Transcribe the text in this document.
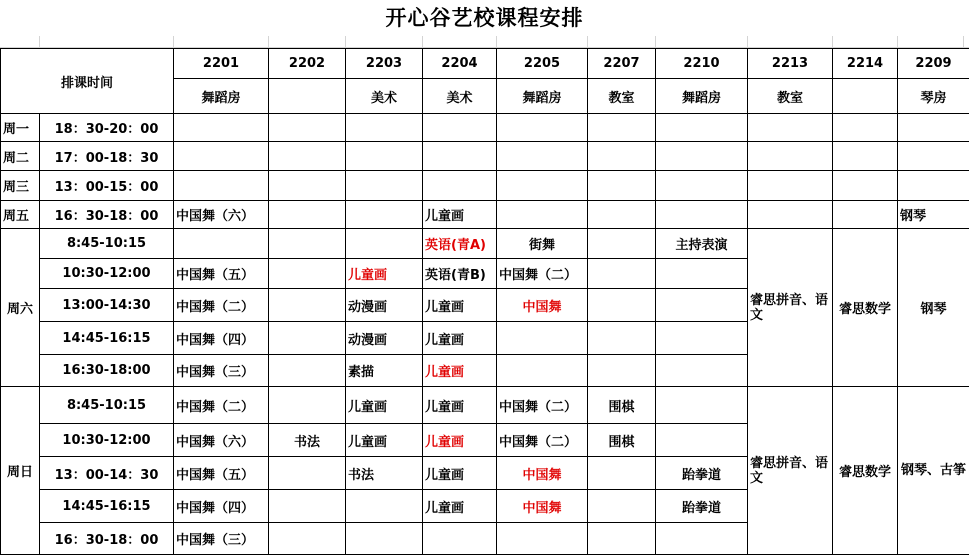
开心谷艺校课程安排
排课时间		2201	2202	2203	2204	2205	2207	2210	2213	2214	2209
		舞蹈房		美术	美术	舞蹈房	教室	舞蹈房	教室		琴房
周一	18：30-20：00										
周二	17：00-18：30										
周三	13：00-15：00										
周五	16：30-18：00	中国舞（六）			儿童画						钢琴
周六	8:45-10:15				英语(青A)	街舞		主持表演	睿思拼音、语文	睿思数学	钢琴
	10:30-12:00	中国舞（五）		儿童画	英语(青B)	中国舞（二）					
	13:00-14:30	中国舞（二）		动漫画	儿童画	中国舞					
	14:45-16:15	中国舞（四）		动漫画	儿童画						
	16:30-18:00	中国舞（三）		素描	儿童画						
周日	8:45-10:15	中国舞（二）		儿童画	儿童画	中国舞（二）	围棋		睿思拼音、语文	睿思数学	钢琴、古筝
	10:30-12:00	中国舞（六）	书法	儿童画	儿童画	中国舞（二）	围棋				
	13：00-14：30	中国舞（五）		书法	儿童画	中国舞		跆拳道			
	14:45-16:15	中国舞（四）			儿童画	中国舞		跆拳道			
	16：30-18：00	中国舞（三）									
